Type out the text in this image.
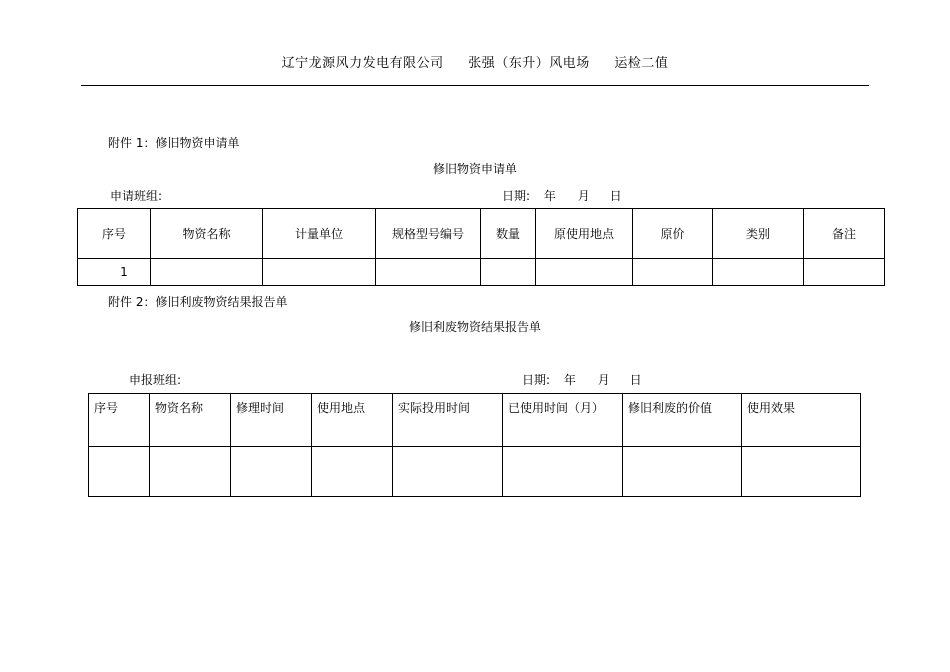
辽宁龙源风力发电有限公司 张强（东升）风电场 运检二值
附件 1：修旧物资申请单
修旧物资申请单
申请班组:	日期: 年 月 日
序号	物资名称	计量单位	规格型号编号	数量	原使用地点	原价	类别	备注
1								
附件 2：修旧利废物资结果报告单
修旧利废物资结果报告单
申报班组:	日期: 年 月 日
序号	物资名称	修理时间	使用地点	实际投用时间	已使用时间（月）	修旧利废的价值	使用效果
